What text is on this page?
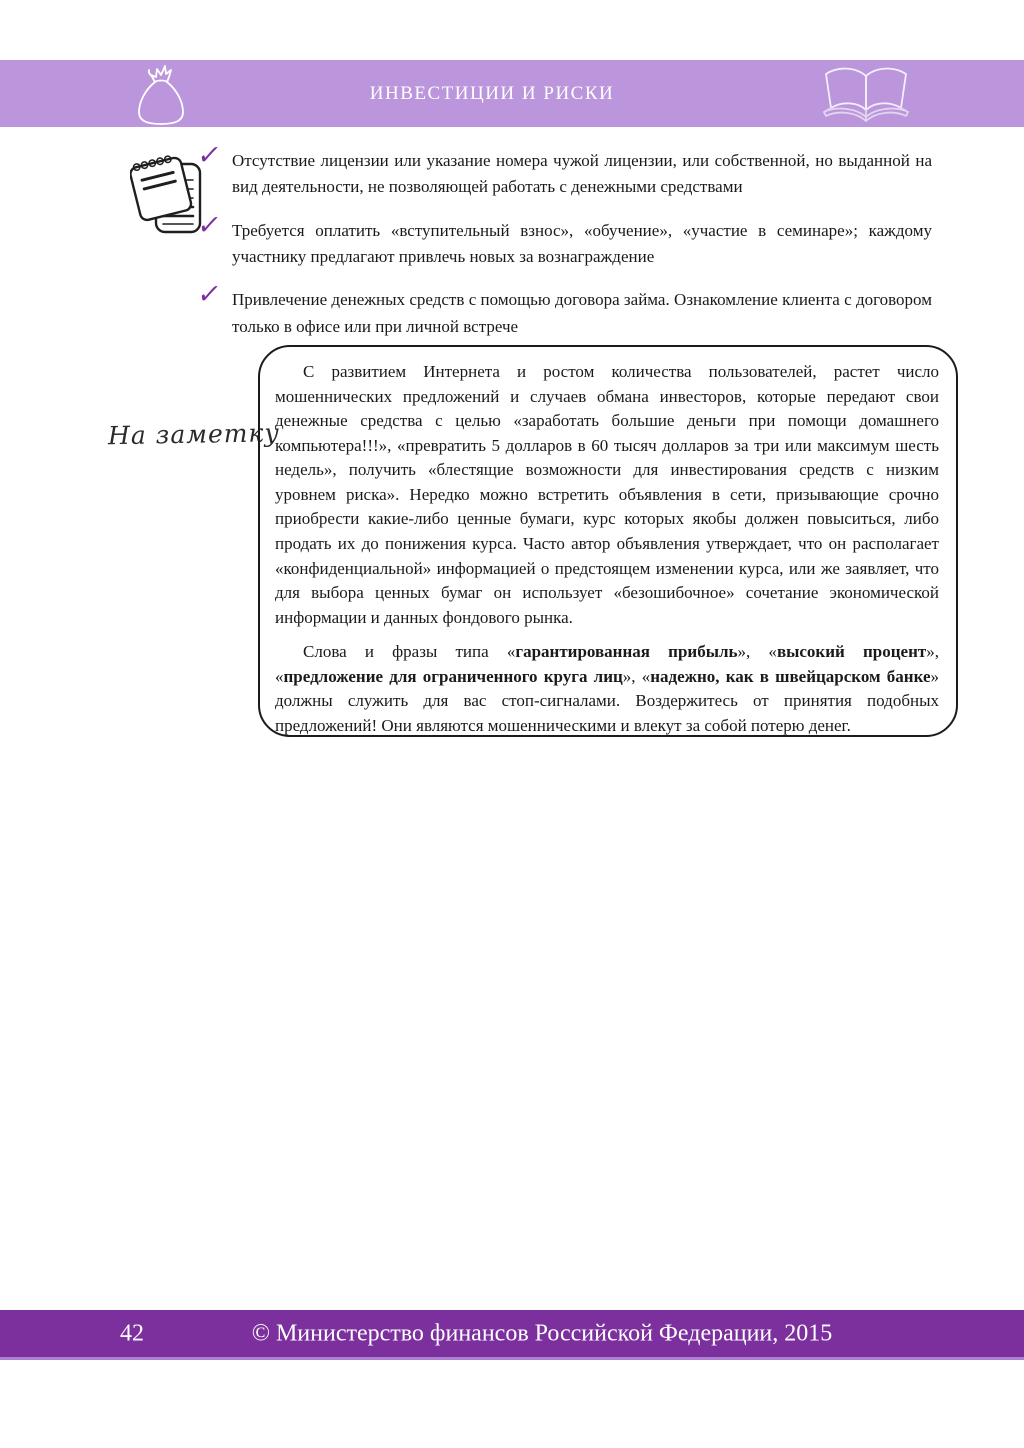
ИНВЕСТИЦИИ И РИСКИ
✓ Отсутствие лицензии или указание номера чужой лицензии, или собственной, но выданной на вид деятельности, не позволяющей работать с денежными средствами
✓ Требуется оплатить «вступительный взнос», «обучение», «участие в семинаре»; каждому участнику предлагают привлечь новых за вознаграждение
✓ Привлечение денежных средств с помощью договора займа. Ознакомление клиента с договором только в офисе или при личной встрече
На заметку

С развитием Интернета и ростом количества пользователей, растет число мошеннических предложений и случаев обмана инвесторов, которые передают свои денежные средства с целью «заработать большие деньги при помощи домашнего компьютера!!!», «превратить 5 долларов в 60 тысяч долларов за три или максимум шесть недель», получить «блестящие возможности для инвестирования средств с низким уровнем риска». Нередко можно встретить объявления в сети, призывающие срочно приобрести какие-либо ценные бумаги, курс которых якобы должен повыситься, либо продать их до понижения курса. Часто автор объявления утверждает, что он располагает «конфиденциальной» информацией о предстоящем изменении курса, или же заявляет, что для выбора ценных бумаг он использует «безошибочное» сочетание экономической информации и данных фондового рынка.

Слова и фразы типа «гарантированная прибыль», «высокий процент», «предложение для ограниченного круга лиц», «надежно, как в швейцарском банке» должны служить для вас стоп-сигналами. Воздержитесь от принятия подобных предложений! Они являются мошенническими и влекут за собой потерю денег.

42	© Министерство финансов Российской Федерации, 2015
